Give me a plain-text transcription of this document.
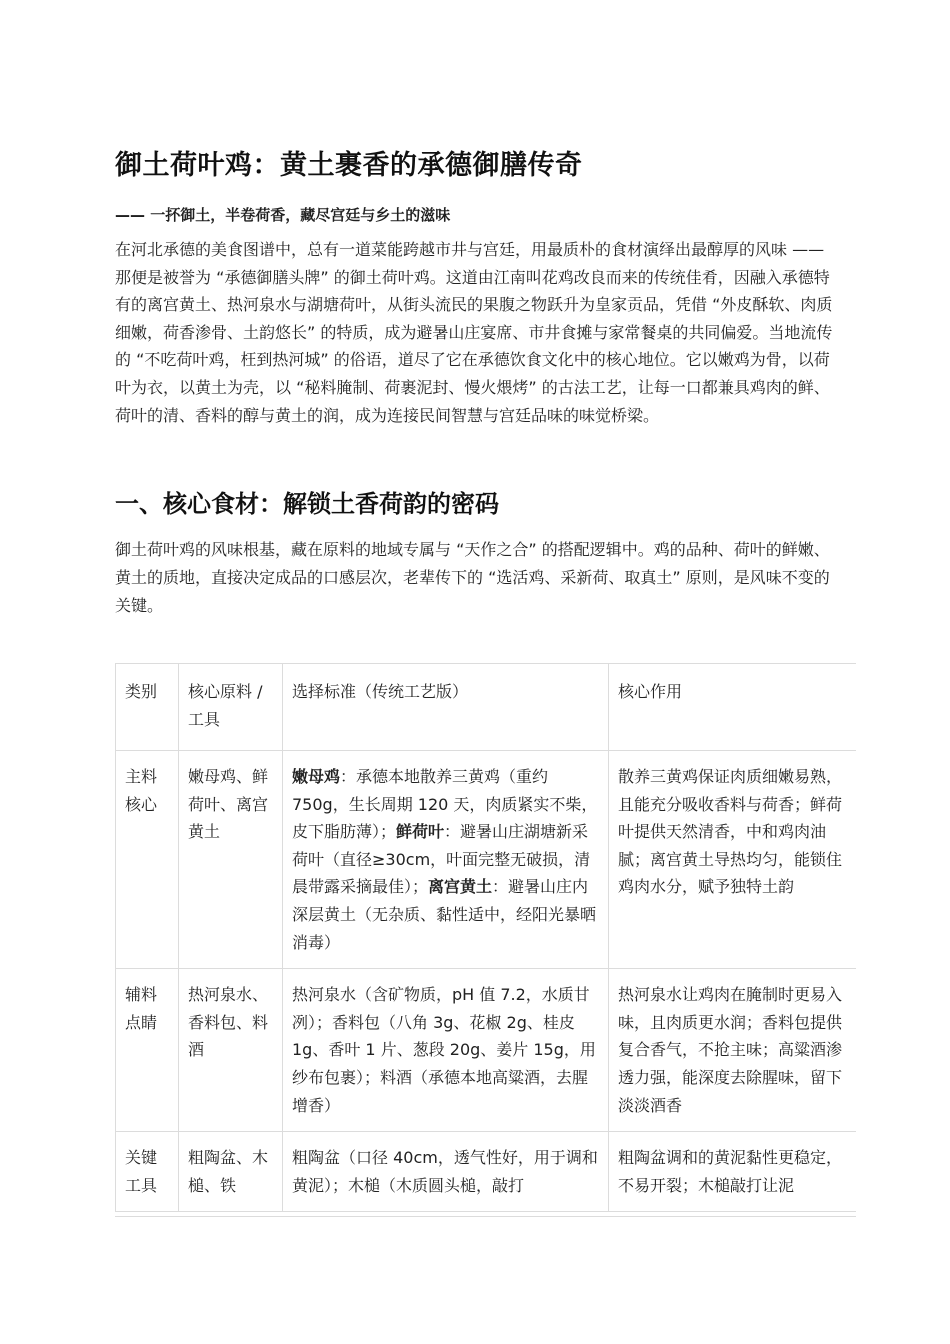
御土荷叶鸡：黄土裹香的承德御膳传奇

—— 一抔御土，半卷荷香，藏尽宫廷与乡土的滋味

在河北承德的美食图谱中，总有一道菜能跨越市井与宫廷，用最质朴的食材演绎出最醇厚的风味 —— 那便是被誉为 “承德御膳头牌” 的御土荷叶鸡。这道由江南叫花鸡改良而来的传统佳肴，因融入承德特有的离宫黄土、热河泉水与湖塘荷叶，从街头流民的果腹之物跃升为皇家贡品，凭借 “外皮酥软、肉质细嫩，荷香渗骨、土韵悠长” 的特质，成为避暑山庄宴席、市井食摊与家常餐桌的共同偏爱。当地流传的 “不吃荷叶鸡，枉到热河城” 的俗语，道尽了它在承德饮食文化中的核心地位。它以嫩鸡为骨，以荷叶为衣，以黄土为壳，以 “秘料腌制、荷裹泥封、慢火煨烤” 的古法工艺，让每一口都兼具鸡肉的鲜、荷叶的清、香料的醇与黄土的润，成为连接民间智慧与宫廷品味的味觉桥梁。

一、核心食材：解锁土香荷韵的密码

御土荷叶鸡的风味根基，藏在原料的地域专属与 “天作之合” 的搭配逻辑中。鸡的品种、荷叶的鲜嫩、黄土的质地，直接决定成品的口感层次，老辈传下的 “选活鸡、采新荷、取真土” 原则，是风味不变的关键。

类别	核心原料 / 工具	选择标准（传统工艺版）	核心作用
主料核心	嫩母鸡、鲜荷叶、离宫黄土	嫩母鸡：承德本地散养三黄鸡（重约 750g，生长周期 120 天，肉质紧实不柴，皮下脂肪薄）；鲜荷叶：避暑山庄湖塘新采荷叶（直径≥30cm，叶面完整无破损，清晨带露采摘最佳）；离宫黄土：避暑山庄内深层黄土（无杂质、黏性适中，经阳光暴晒消毒）	散养三黄鸡保证肉质细嫩易熟，且能充分吸收香料与荷香；鲜荷叶提供天然清香，中和鸡肉油腻；离宫黄土导热均匀，能锁住鸡肉水分，赋予独特土韵
辅料点睛	热河泉水、香料包、料酒	热河泉水（含矿物质，pH 值 7.2，水质甘冽）；香料包（八角 3g、花椒 2g、桂皮 1g、香叶 1 片、葱段 20g、姜片 15g，用纱布包裹）；料酒（承德本地高粱酒，去腥增香）	热河泉水让鸡肉在腌制时更易入味，且肉质更水润；香料包提供复合香气，不抢主味；高粱酒渗透力强，能深度去除腥味，留下淡淡酒香
关键工具	粗陶盆、木槌、铁	粗陶盆（口径 40cm，透气性好，用于调和黄泥）；木槌（木质圆头槌，敲打	粗陶盆调和的黄泥黏性更稳定，不易开裂；木槌敲打让泥
